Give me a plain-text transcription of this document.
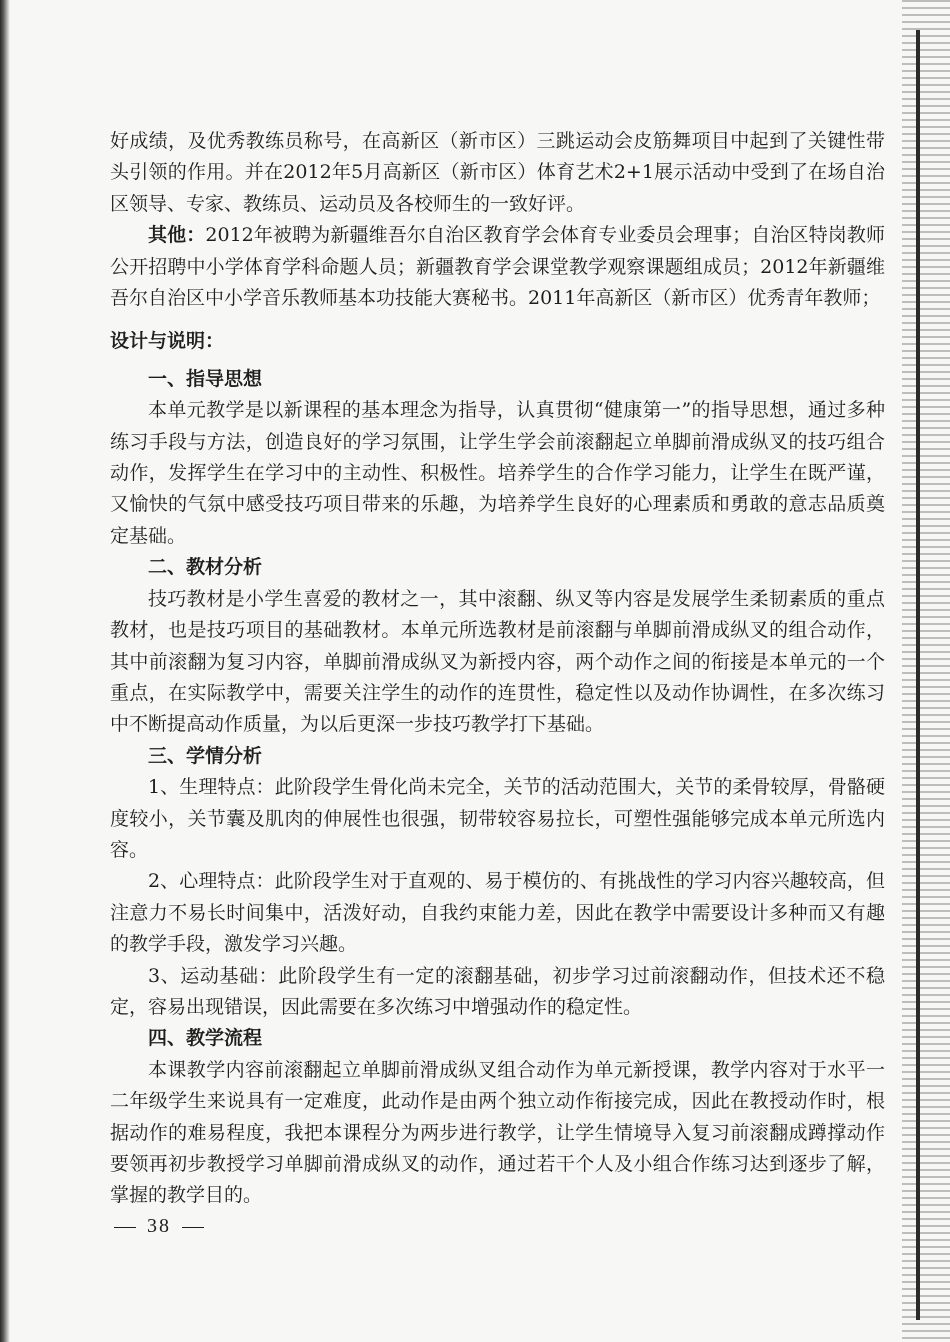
好成绩，及优秀教练员称号，在高新区（新市区）三跳运动会皮筋舞项目中起到了关键性带头引领的作用。并在2012年5月高新区（新市区）体育艺术2+1展示活动中受到了在场自治区领导、专家、教练员、运动员及各校师生的一致好评。

其他：2012年被聘为新疆维吾尔自治区教育学会体育专业委员会理事；自治区特岗教师公开招聘中小学体育学科命题人员；新疆教育学会课堂教学观察课题组成员；2012年新疆维吾尔自治区中小学音乐教师基本功技能大赛秘书。2011年高新区（新市区）优秀青年教师；

设计与说明：
一、指导思想

本单元教学是以新课程的基本理念为指导，认真贯彻“健康第一”的指导思想，通过多种练习手段与方法，创造良好的学习氛围，让学生学会前滚翻起立单脚前滑成纵叉的技巧组合动作，发挥学生在学习中的主动性、积极性。培养学生的合作学习能力，让学生在既严谨，又愉快的气氛中感受技巧项目带来的乐趣，为培养学生良好的心理素质和勇敢的意志品质奠定基础。

二、教材分析

技巧教材是小学生喜爱的教材之一，其中滚翻、纵叉等内容是发展学生柔韧素质的重点教材，也是技巧项目的基础教材。本单元所选教材是前滚翻与单脚前滑成纵叉的组合动作，其中前滚翻为复习内容，单脚前滑成纵叉为新授内容，两个动作之间的衔接是本单元的一个重点，在实际教学中，需要关注学生的动作的连贯性，稳定性以及动作协调性，在多次练习中不断提高动作质量，为以后更深一步技巧教学打下基础。

三、学情分析

1、生理特点：此阶段学生骨化尚未完全，关节的活动范围大，关节的柔骨较厚，骨骼硬度较小，关节囊及肌肉的伸展性也很强，韧带较容易拉长，可塑性强能够完成本单元所选内容。

2、心理特点：此阶段学生对于直观的、易于模仿的、有挑战性的学习内容兴趣较高，但注意力不易长时间集中，活泼好动，自我约束能力差，因此在教学中需要设计多种而又有趣的教学手段，激发学习兴趣。

3、运动基础：此阶段学生有一定的滚翻基础，初步学习过前滚翻动作，但技术还不稳定，容易出现错误，因此需要在多次练习中增强动作的稳定性。

四、教学流程

本课教学内容前滚翻起立单脚前滑成纵叉组合动作为单元新授课，教学内容对于水平一二年级学生来说具有一定难度，此动作是由两个独立动作衔接完成，因此在教授动作时，根据动作的难易程度，我把本课程分为两步进行教学，让学生情境导入复习前滚翻成蹲撑动作要领再初步教授学习单脚前滑成纵叉的动作，通过若干个人及小组合作练习达到逐步了解，掌握的教学目的。

38
